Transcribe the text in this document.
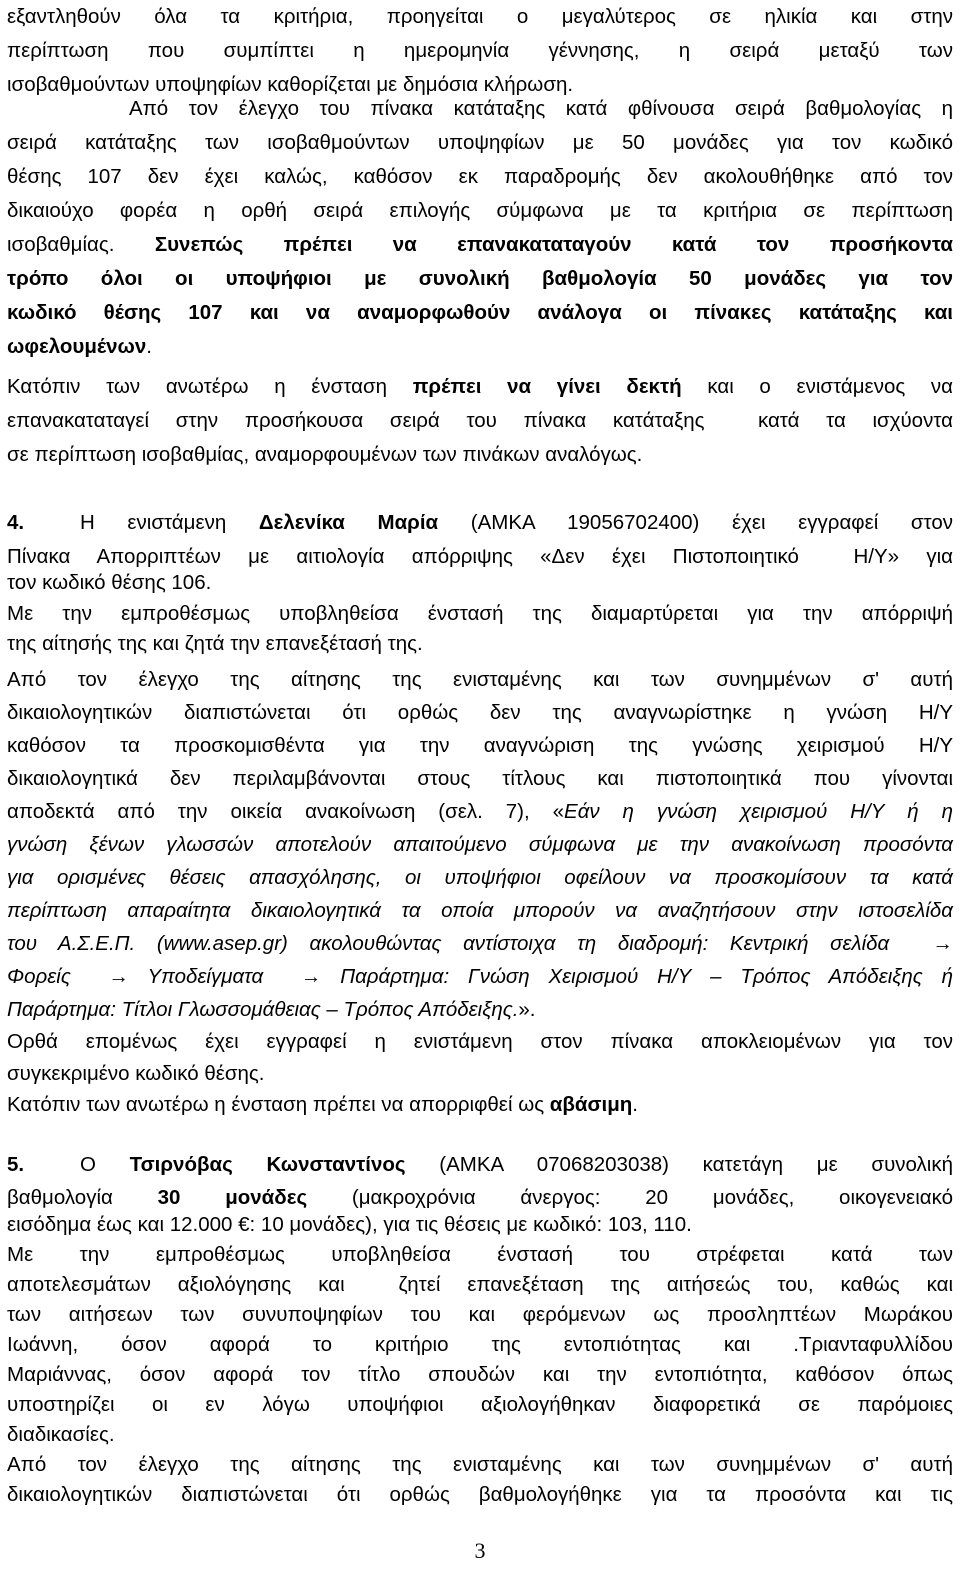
εξαντληθούν όλα τα κριτήρια, προηγείται ο μεγαλύτερος σε ηλικία και στην
περίπτωση που συμπίπτει η ημερομηνία γέννησης, η σειρά μεταξύ των
ισοβαθμούντων υποψηφίων καθορίζεται με δημόσια κλήρωση.
Από τον έλεγχο του πίνακα κατάταξης κατά φθίνουσα σειρά βαθμολογίας η
σειρά κατάταξης των ισοβαθμούντων υποψηφίων με 50 μονάδες για τον κωδικό
θέσης 107 δεν έχει καλώς, καθόσον εκ παραδρομής δεν ακολουθήθηκε από τον
δικαιούχο φορέα η ορθή σειρά επιλογής σύμφωνα με τα κριτήρια σε περίπτωση
ισοβαθμίας. Συνεπώς πρέπει να επανακαταταγούν κατά τον προσήκοντα
τρόπο όλοι οι υποψήφιοι με συνολική βαθμολογία 50 μονάδες για τον
κωδικό θέσης 107 και να αναμορφωθούν ανάλογα οι πίνακες κατάταξης και
ωφελουμένων.
Κατόπιν των ανωτέρω η ένσταση πρέπει να γίνει δεκτή και ο ενιστάμενος να
επανακαταταγεί στην προσήκουσα σειρά του πίνακα κατάταξης  κατά τα ισχύοντα
σε περίπτωση ισοβαθμίας, αναμορφουμένων των πινάκων αναλόγως.
4.	Η ενιστάμενη Δελενίκα Μαρία (ΑΜΚΑ 19056702400) έχει εγγραφεί στον
Πίνακα Απορριπτέων με αιτιολογία απόρριψης «Δεν έχει Πιστοποιητικό  Η/Υ» για
τον κωδικό θέσης 106.
Με την εμπροθέσμως υποβληθείσα ένστασή της διαμαρτύρεται για την απόρριψή
της αίτησής της και ζητά την επανεξέτασή της.
Από τον έλεγχο της αίτησης της ενισταμένης και των συνημμένων σ' αυτή
δικαιολογητικών διαπιστώνεται ότι ορθώς δεν της αναγνωρίστηκε η γνώση Η/Υ
καθόσον τα προσκομισθέντα για την αναγνώριση της γνώσης χειρισμού Η/Υ
δικαιολογητικά δεν περιλαμβάνονται στους τίτλους και πιστοποιητικά που γίνονται
αποδεκτά από την οικεία ανακοίνωση (σελ. 7), «Εάν η γνώση χειρισμού Η/Υ ή η
γνώση ξένων γλωσσών αποτελούν απαιτούμενο σύμφωνα με την ανακοίνωση προσόντα
για ορισμένες θέσεις απασχόλησης, οι υποψήφιοι οφείλουν να προσκομίσουν τα κατά
περίπτωση απαραίτητα δικαιολογητικά τα οποία μπορούν να αναζητήσουν στην ιστοσελίδα
του Α.Σ.Ε.Π. (www.asep.gr) ακολουθώντας αντίστοιχα τη διαδρομή: Κεντρική σελίδα  →
Φορείς  → Υποδείγματα  → Παράρτημα: Γνώση Χειρισμού Η/Υ – Τρόπος Απόδειξης ή
Παράρτημα: Τίτλοι Γλωσσομάθειας – Τρόπος Απόδειξης.».
Ορθά επομένως έχει εγγραφεί η ενιστάμενη στον πίνακα αποκλειομένων για τον
συγκεκριμένο κωδικό θέσης.
Κατόπιν των ανωτέρω η ένσταση πρέπει να απορριφθεί ως αβάσιμη.
5.	Ο Τσιρνόβας Κωνσταντίνος (ΑΜΚΑ 07068203038) κατετάγη με συνολική
βαθμολογία 30 μονάδες (μακροχρόνια άνεργος: 20 μονάδες, οικογενειακό
εισόδημα έως και 12.000 €: 10 μονάδες), για τις θέσεις με κωδικό: 103, 110.
Με την εμπροθέσμως υποβληθείσα ένστασή του στρέφεται κατά των
αποτελεσμάτων αξιολόγησης και  ζητεί επανεξέταση της αιτήσεώς του, καθώς και
των αιτήσεων των συνυποψηφίων του και φερόμενων ως προσληπτέων Μωράκου
Ιωάννη, όσον αφορά το κριτήριο της εντοπιότητας και .Τριανταφυλλίδου
Μαριάννας, όσον αφορά τον τίτλο σπουδών και την εντοπιότητα, καθόσον όπως
υποστηρίζει οι εν λόγω υποψήφιοι αξιολογήθηκαν διαφορετικά σε παρόμοιες
διαδικασίες.
Από τον έλεγχο της αίτησης της ενισταμένης και των συνημμένων σ' αυτή
δικαιολογητικών διαπιστώνεται ότι ορθώς βαθμολογήθηκε για τα προσόντα και τις
3
